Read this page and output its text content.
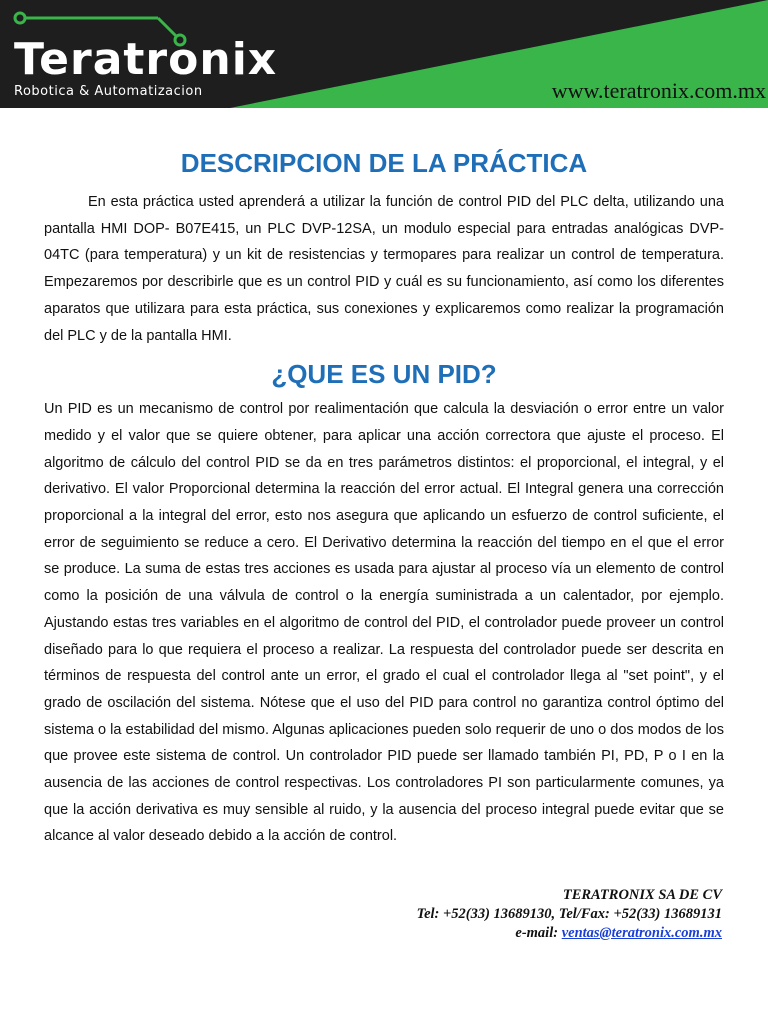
Teratronix
Robotica & Automatizacion	www.teratronix.com.mx
DESCRIPCION DE LA PRÁCTICA

En esta práctica usted aprenderá a utilizar la función de control PID del PLC delta, utilizando una pantalla HMI DOP- B07E415, un PLC DVP-12SA, un modulo especial para entradas analógicas DVP-04TC (para temperatura) y un kit de resistencias y termopares para realizar un control de temperatura. Empezaremos por describirle que es un control PID y cuál es su funcionamiento, así como los diferentes aparatos que utilizara para esta práctica, sus conexiones y explicaremos como realizar la programación del PLC y de la pantalla HMI.

¿QUE ES UN PID?

Un PID es un mecanismo de control por realimentación que calcula la desviación o error entre un valor medido y el valor que se quiere obtener, para aplicar una acción correctora que ajuste el proceso. El algoritmo de cálculo del control PID se da en tres parámetros distintos: el proporcional, el integral, y el derivativo. El valor Proporcional determina la reacción del error actual. El Integral genera una corrección proporcional a la integral del error, esto nos asegura que aplicando un esfuerzo de control suficiente, el error de seguimiento se reduce a cero. El Derivativo determina la reacción del tiempo en el que el error se produce. La suma de estas tres acciones es usada para ajustar al proceso vía un elemento de control como la posición de una válvula de control o la energía suministrada a un calentador, por ejemplo. Ajustando estas tres variables en el algoritmo de control del PID, el controlador puede proveer un control diseñado para lo que requiera el proceso a realizar. La respuesta del controlador puede ser descrita en términos de respuesta del control ante un error, el grado el cual el controlador llega al "set point", y el grado de oscilación del sistema. Nótese que el uso del PID para control no garantiza control óptimo del sistema o la estabilidad del mismo. Algunas aplicaciones pueden solo requerir de uno o dos modos de los que provee este sistema de control. Un controlador PID puede ser llamado también PI, PD, P o I en la ausencia de las acciones de control respectivas. Los controladores PI son particularmente comunes, ya que la acción derivativa es muy sensible al ruido, y la ausencia del proceso integral puede evitar que se alcance al valor deseado debido a la acción de control.

TERATRONIX SA DE CV
Tel: +52(33) 13689130, Tel/Fax: +52(33) 13689131
e-mail: ventas@teratronix.com.mx
